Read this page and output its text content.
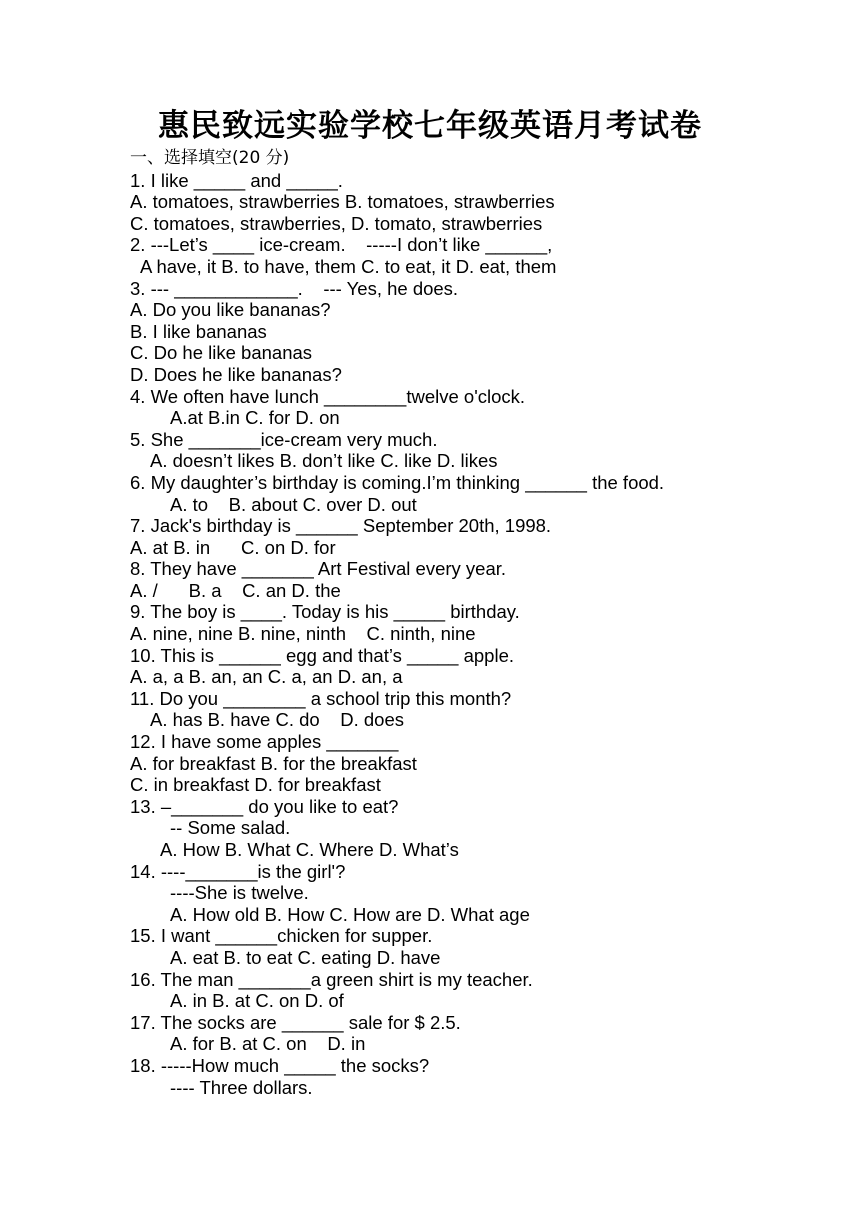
惠民致远实验学校七年级英语月考试卷
一、选择填空(20 分)
1. I like _____ and _____.
A. tomatoes, strawberries B. tomatoes, strawberries
C. tomatoes, strawberries, D. tomato, strawberries
2. ---Let’s ____ ice-cream.    -----I don’t like ______,
A have, it B. to have, them C. to eat, it D. eat, them
3. --- ____________.    --- Yes, he does.
A. Do you like bananas?
B. I like bananas
C. Do he like bananas
D. Does he like bananas?
4. We often have lunch ________twelve o'clock.
A.at B.in C. for D. on
5. She _______ice-cream very much.
A. doesn’t likes B. don’t like C. like D. likes
6. My daughter’s birthday is coming.I’m thinking ______ the food.
A. to    B. about C. over D. out
7. Jack's birthday is ______ September 20th, 1998.
A. at B. in      C. on D. for
8. They have _______ Art Festival every year.
A. /      B. a    C. an D. the
9. The boy is ____. Today is his _____ birthday.
A. nine, nine B. nine, ninth    C. ninth, nine
10. This is ______ egg and that’s _____ apple.
A. a, a B. an, an C. a, an D. an, a
11. Do you ________ a school trip this month?
A. has B. have C. do    D. does
12. I have some apples _______
A. for breakfast B. for the breakfast
C. in breakfast D. for breakfast
13. –_______ do you like to eat?
-- Some salad.
A. How B. What C. Where D. What’s
14. ----_______is the girl'?
----She is twelve.
A. How old B. How C. How are D. What age
15. I want ______chicken for supper.
A. eat B. to eat C. eating D. have
16. The man _______a green shirt is my teacher.
A. in B. at C. on D. of
17. The socks are ______ sale for $ 2.5.
A. for B. at C. on    D. in
18. -----How much _____ the socks?
---- Three dollars.
